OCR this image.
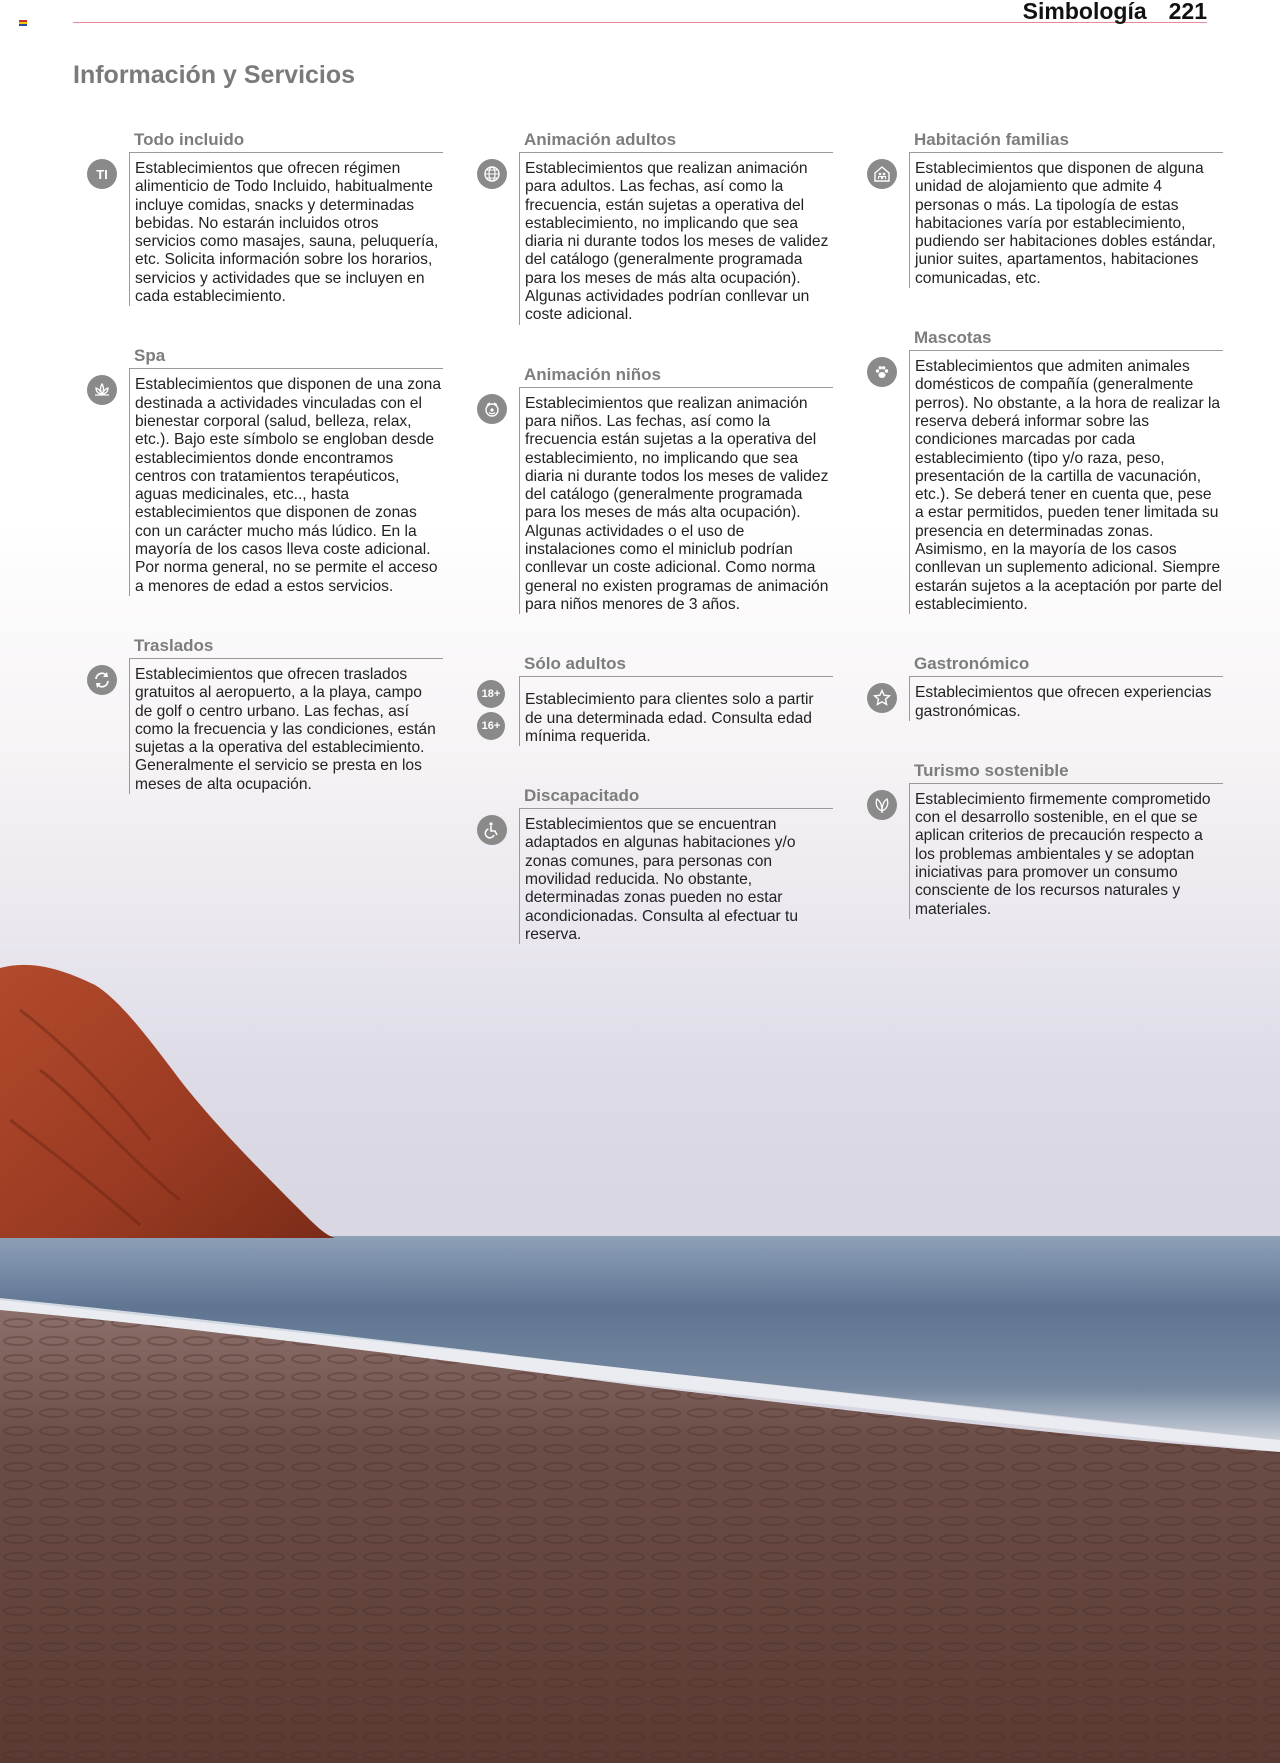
Simbología 221
Información y Servicios
Todo incluido
TI	Establecimientos que ofrecen régimen alimenticio de Todo Incluido, habitualmente incluye comidas, snacks y determinadas bebidas. No estarán incluidos otros servicios como masajes, sauna, peluquería, etc. Solicita información sobre los horarios, servicios y actividades que se incluyen en cada establecimiento.
Spa
Establecimientos que disponen de una zona destinada a actividades vinculadas con el bienestar corporal (salud, belleza, relax, etc.). Bajo este símbolo se engloban desde establecimientos donde encontramos centros con tratamientos terapéuticos, aguas medicinales, etc.., hasta establecimientos que disponen de zonas con un carácter mucho más lúdico. En la mayoría de los casos lleva coste adicional. Por norma general, no se permite el acceso a menores de edad a estos servicios.
Traslados
Establecimientos que ofrecen traslados gratuitos al aeropuerto, a la playa, campo de golf o centro urbano. Las fechas, así como la frecuencia y las condiciones, están sujetas a la operativa del establecimiento. Generalmente el servicio se presta en los meses de alta ocupación.
Animación adultos
Establecimientos que realizan animación para adultos. Las fechas, así como la frecuencia, están sujetas a operativa del establecimiento, no implicando que sea diaria ni durante todos los meses de validez del catálogo (generalmente programada para los meses de más alta ocupación). Algunas actividades podrían conllevar un coste adicional.
Animación niños
Establecimientos que realizan animación para niños. Las fechas, así como la frecuencia están sujetas a la operativa del establecimiento, no implicando que sea diaria ni durante todos los meses de validez del catálogo (generalmente programada para los meses de más alta ocupación). Algunas actividades o el uso de instalaciones como el miniclub podrían conllevar un coste adicional. Como norma general no existen programas de animación para niños menores de 3 años.
Sólo adultos
18+
16+
Establecimiento para clientes solo a partir de una determinada edad. Consulta edad mínima requerida.
Discapacitado
Establecimientos que se encuentran adaptados en algunas habitaciones y/o zonas comunes, para personas con movilidad reducida. No obstante, determinadas zonas pueden no estar acondicionadas. Consulta al efectuar tu reserva.
Habitación familias
Establecimientos que disponen de alguna unidad de alojamiento que admite 4 personas o más. La tipología de estas habitaciones varía por establecimiento, pudiendo ser habitaciones dobles estándar, junior suites, apartamentos, habitaciones comunicadas, etc.
Mascotas
Establecimientos que admiten animales domésticos de compañía (generalmente perros). No obstante, a la hora de realizar la reserva deberá informar sobre las condiciones marcadas por cada establecimiento (tipo y/o raza, peso, presentación de la cartilla de vacunación, etc.). Se deberá tener en cuenta que, pese a estar permitidos, pueden tener limitada su presencia en determinadas zonas. Asimismo, en la mayoría de los casos conllevan un suplemento adicional. Siempre estarán sujetos a la aceptación por parte del establecimiento.
Gastronómico
Establecimientos que ofrecen experiencias gastronómicas.
Turismo sostenible
Establecimiento firmemente comprometido con el desarrollo sostenible, en el que se aplican criterios de precaución respecto a los problemas ambientales y se adoptan iniciativas para promover un consumo consciente de los recursos naturales y materiales.
